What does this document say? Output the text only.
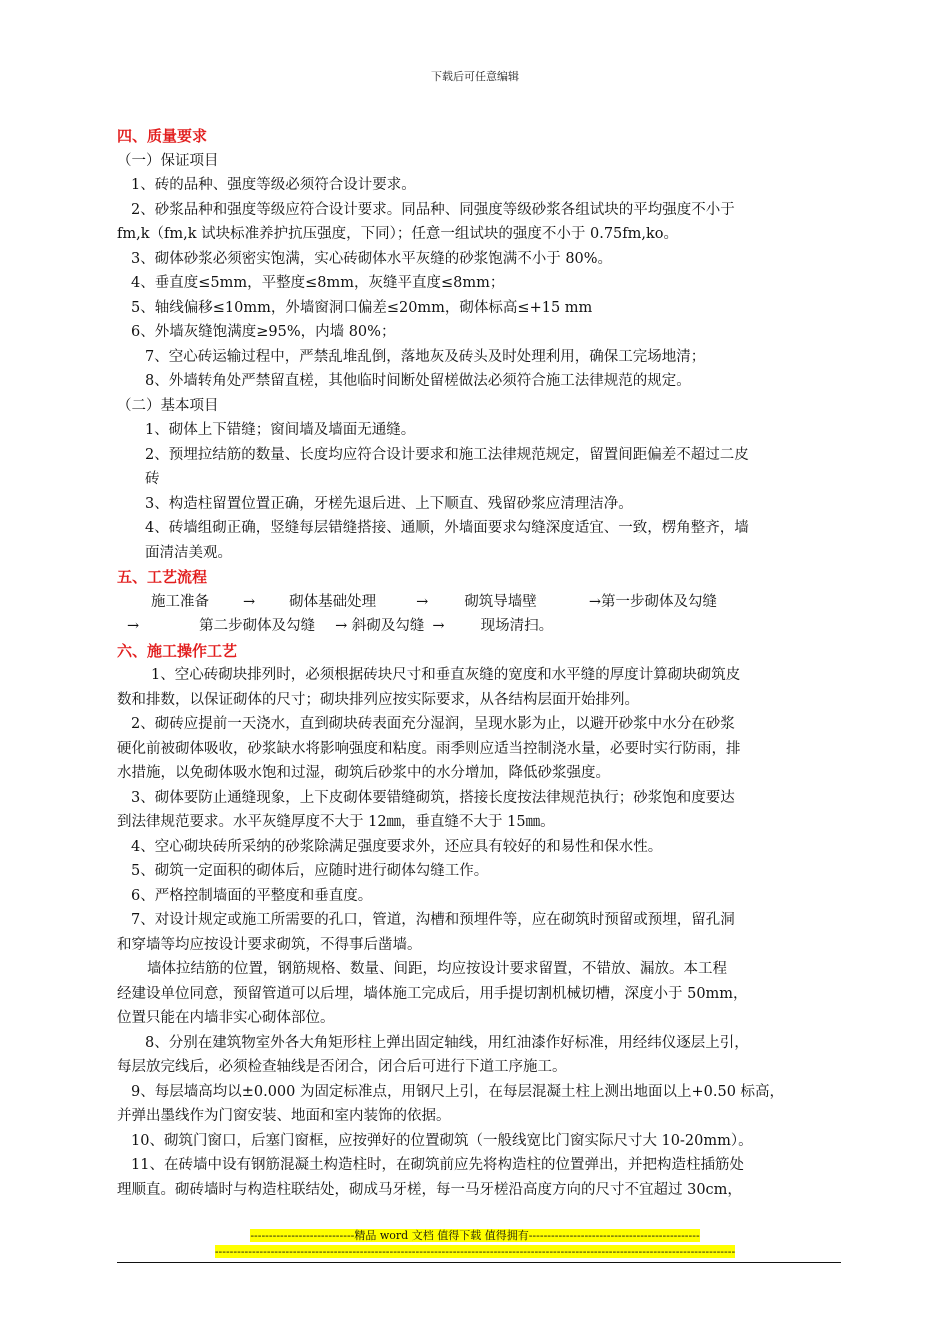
下载后可任意编辑
四、质量要求
（一）保证项目
1、砖的品种、强度等级必须符合设计要求。
2、砂浆品种和强度等级应符合设计要求。同品种、同强度等级砂浆各组试块的平均强度不小于
fm,k（fm,k 试块标准养护抗压强度，下同）；任意一组试块的强度不小于 0.75fm,ko。
3、砌体砂浆必须密实饱满，实心砖砌体水平灰缝的砂浆饱满不小于 80%。
4、垂直度≤5mm，平整度≤8mm，灰缝平直度≤8mm；
5、轴线偏移≤10mm，外墙窗洞口偏差≤20mm，砌体标高≤+15 mm
6、外墙灰缝饱满度≥95%，内墙 80%；
7、空心砖运输过程中，严禁乱堆乱倒，落地灰及砖头及时处理利用，确保工完场地清；
8、外墙转角处严禁留直槎，其他临时间断处留槎做法必须符合施工法律规范的规定。
（二）基本项目
1、砌体上下错缝；窗间墙及墙面无通缝。
2、预埋拉结筋的数量、长度均应符合设计要求和施工法律规范规定，留置间距偏差不超过二皮
砖
3、构造柱留置位置正确，牙槎先退后进、上下顺直、残留砂浆应清理洁净。
4、砖墙组砌正确，竖缝每层错缝搭接、通顺，外墙面要求勾缝深度适宜、一致，楞角整齐，墙
面清洁美观。
五、工艺流程
施工准备 → 砌体基础处理	→ 砌筑导墙壁	→第一步砌体及勾缝
→	第二步砌体及勾缝 → 斜砌及勾缝 → 现场清扫。
六、施工操作工艺
1、空心砖砌块排列时，必须根据砖块尺寸和垂直灰缝的宽度和水平缝的厚度计算砌块砌筑皮
数和排数，以保证砌体的尺寸；砌块排列应按实际要求，从各结构层面开始排列。
2、砌砖应提前一天浇水，直到砌块砖表面充分湿润，呈现水影为止，以避开砂浆中水分在砂浆
硬化前被砌体吸收，砂浆缺水将影响强度和粘度。雨季则应适当控制浇水量，必要时实行防雨，排
水措施，以免砌体吸水饱和过湿，砌筑后砂浆中的水分增加，降低砂浆强度。
3、砌体要防止通缝现象，上下皮砌体要错缝砌筑，搭接长度按法律规范执行；砂浆饱和度要达
到法律规范要求。水平灰缝厚度不大于 12㎜，垂直缝不大于 15㎜。
4、空心砌块砖所采纳的砂浆除满足强度要求外，还应具有较好的和易性和保水性。
5、砌筑一定面积的砌体后，应随时进行砌体勾缝工作。
6、严格控制墙面的平整度和垂直度。
7、对设计规定或施工所需要的孔口，管道，沟槽和预埋件等，应在砌筑时预留或预埋，留孔洞
和穿墙等均应按设计要求砌筑，不得事后凿墙。
墙体拉结筋的位置，钢筋规格、数量、间距，均应按设计要求留置，不错放、漏放。本工程
经建设单位同意，预留管道可以后埋，墙体施工完成后，用手提切割机械切槽，深度小于 50mm，
位置只能在内墙非实心砌体部位。
8、分别在建筑物室外各大角矩形柱上弹出固定轴线，用红油漆作好标准，用经纬仪逐层上引，
每层放完线后，必须检查轴线是否闭合，闭合后可进行下道工序施工。
9、每层墙高均以±0.000 为固定标准点，用钢尺上引，在每层混凝土柱上测出地面以上+0.50 标高，
并弹出墨线作为门窗安装、地面和室内装饰的依据。
10、砌筑门窗口，后塞门窗框，应按弹好的位置砌筑（一般线宽比门窗实际尺寸大 10-20mm）。
11、在砖墙中设有钢筋混凝土构造柱时，在砌筑前应先将构造柱的位置弹出，并把构造柱插筋处
理顺直。砌砖墙时与构造柱联结处，砌成马牙槎，每一马牙槎沿高度方向的尺寸不宜超过 30cm，
----------------------------精品 word 文档 值得下载 值得拥有----------------------------------------------
--------------------------------------------------------------------------------------------------------------------------------------------
